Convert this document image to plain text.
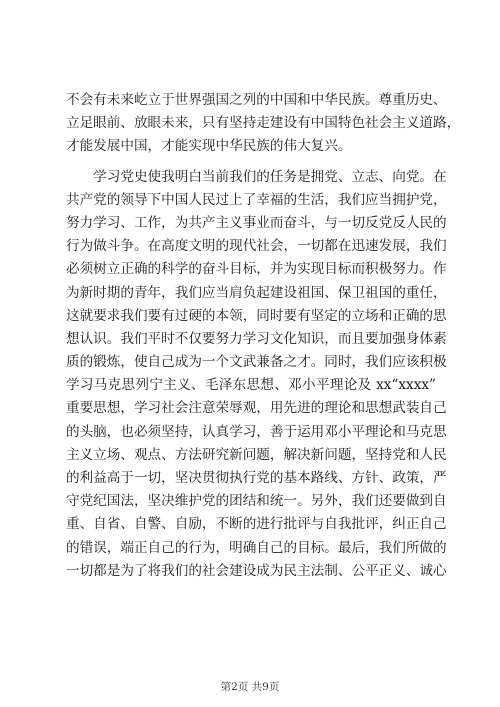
不会有未来屹立于世界强国之列的中国和中华民族。尊重历史、
立足眼前、放眼未来，只有坚持走建设有中国特色社会主义道路，
才能发展中国，才能实现中华民族的伟大复兴。
　　学习党史使我明白当前我们的任务是拥党、立志、向党。在
共产党的领导下中国人民过上了幸福的生活，我们应当拥护党，
努力学习、工作，为共产主义事业而奋斗，与一切反党反人民的
行为做斗争。在高度文明的现代社会，一切都在迅速发展，我们
必须树立正确的科学的奋斗目标，并为实现目标而积极努力。作
为新时期的青年，我们应当肩负起建设祖国、保卫祖国的重任，
这就要求我们要有过硬的本领，同时要有坚定的立场和正确的思
想认识。我们平时不仅要努力学习文化知识，而且要加强身体素
质的锻炼，使自己成为一个文武兼备之才。同时，我们应该积极
学习马克思列宁主义、毛泽东思想、邓小平理论及 xx“xxxx”
重要思想，学习社会注意荣辱观，用先进的理论和思想武装自己
的头脑，也必须坚持，认真学习，善于运用邓小平理论和马克思
主义立场、观点、方法研究新问题，解决新问题，坚持党和人民
的利益高于一切，坚决贯彻执行党的基本路线、方针、政策，严
守党纪国法，坚决维护党的团结和统一。另外，我们还要做到自
重、自省、自警、自励，不断的进行批评与自我批评，纠正自己
的错误，端正自己的行为，明确自己的目标。最后，我们所做的
一切都是为了将我们的社会建设成为民主法制、公平正义、诚心
第2页 共9页
